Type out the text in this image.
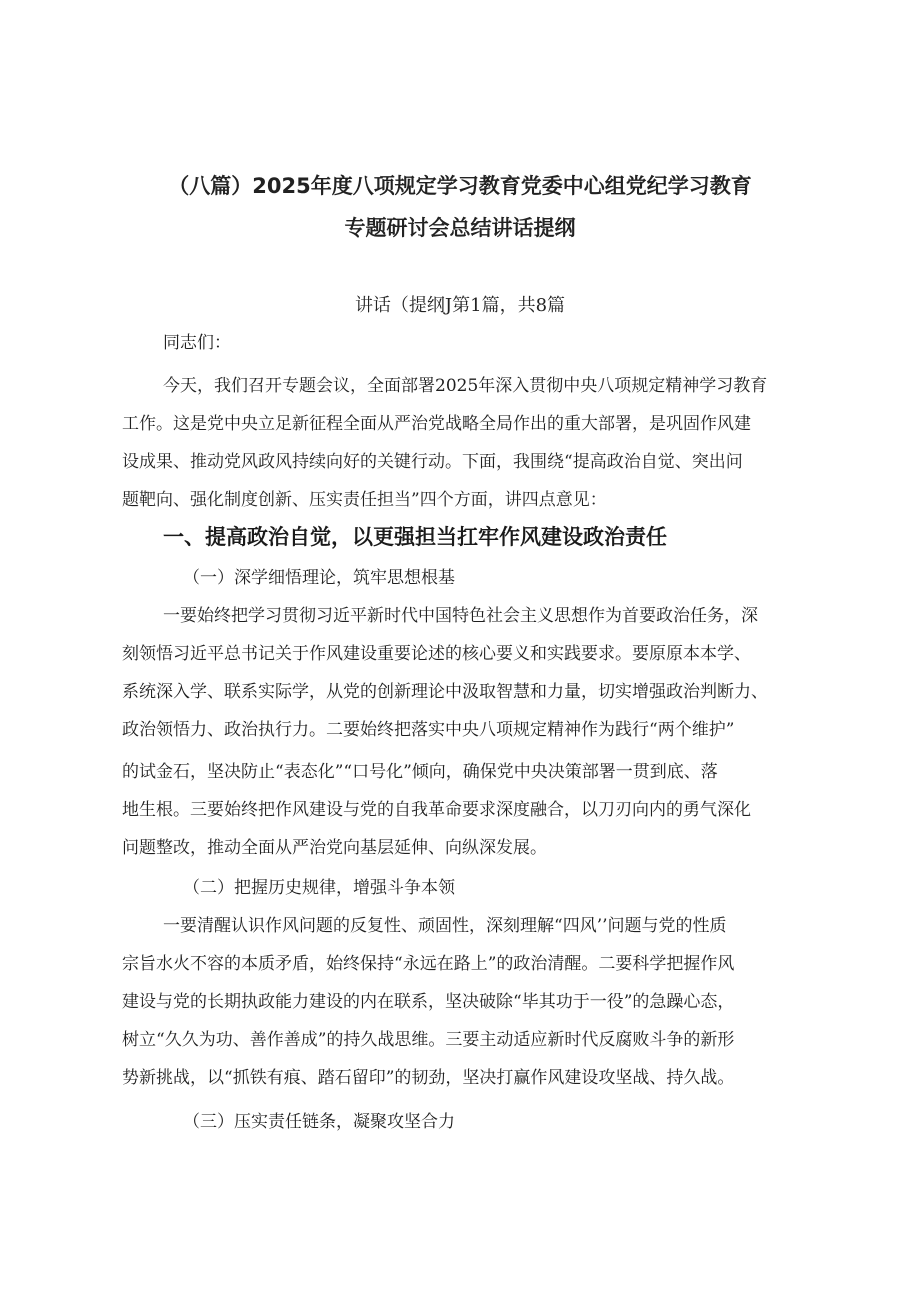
（八篇）2025年度八项规定学习教育党委中心组党纪学习教育
专题研讨会总结讲话提纲
讲话（提纲J第1篇，共8篇
同志们：
今天，我们召开专题会议，全面部署2025年深入贯彻中央八项规定精神学习教育
工作。这是党中央立足新征程全面从严治党战略全局作出的重大部署，是巩固作风建
设成果、推动党风政风持续向好的关键行动。下面，我围绕“提高政治自觉、突出问
题靶向、强化制度创新、压实责任担当”四个方面，讲四点意见：
一、提高政治自觉，以更强担当扛牢作风建设政治责任
（一）深学细悟理论，筑牢思想根基
一要始终把学习贯彻习近平新时代中国特色社会主义思想作为首要政治任务，深
刻领悟习近平总书记关于作风建设重要论述的核心要义和实践要求。要原原本本学、
系统深入学、联系实际学，从党的创新理论中汲取智慧和力量，切实增强政治判断力、
政治领悟力、政治执行力。二要始终把落实中央八项规定精神作为践行“两个维护”
的试金石，坚决防止“表态化”“口号化”倾向，确保党中央决策部署一贯到底、落
地生根。三要始终把作风建设与党的自我革命要求深度融合，以刀刃向内的勇气深化
问题整改，推动全面从严治党向基层延伸、向纵深发展。
（二）把握历史规律，增强斗争本领
一要清醒认识作风问题的反复性、顽固性，深刻理解“四风’’问题与党的性质
宗旨水火不容的本质矛盾，始终保持“永远在路上”的政治清醒。二要科学把握作风
建设与党的长期执政能力建设的内在联系，坚决破除“毕其功于一役”的急躁心态，
树立“久久为功、善作善成”的持久战思维。三要主动适应新时代反腐败斗争的新形
势新挑战，以“抓铁有痕、踏石留印”的韧劲，坚决打赢作风建设攻坚战、持久战。
（三）压实责任链条，凝聚攻坚合力
